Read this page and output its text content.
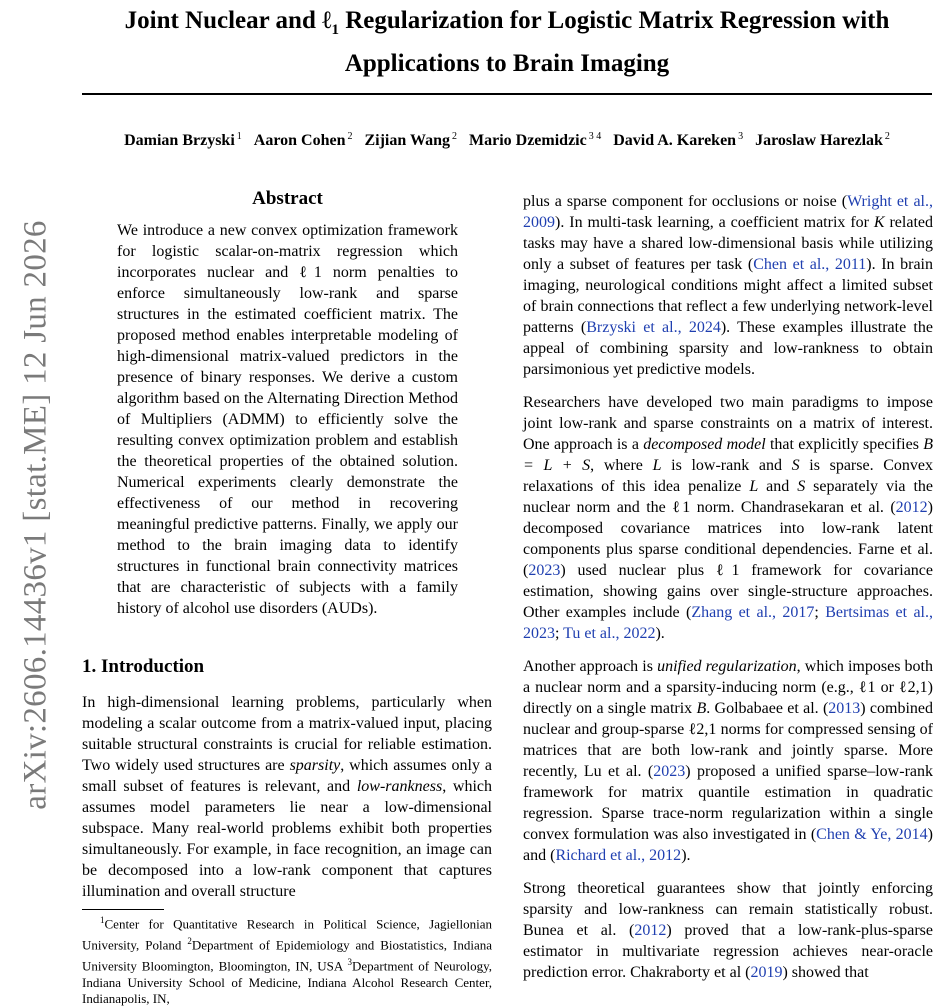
arXiv:2606.14436v1 [stat.ME] 12 Jun 2026
Joint Nuclear and ℓ$_1$ Regularization for Logistic Matrix Regression with
Applications to Brain Imaging
Damian Brzyski $^1$ Aaron Cohen $^2$ Zijian Wang $^2$ Mario Dzemidzic $^{3 4}$ David A. Kareken $^3$ Jaroslaw Harezlak $^2$
Abstract

We introduce a new convex optimization framework for logistic scalar-on-matrix regression which incorporates nuclear and ℓ1 norm penalties to enforce simultaneously low-rank and sparse structures in the estimated coefficient matrix. The proposed method enables interpretable modeling of high-dimensional matrix-valued predictors in the presence of binary responses. We derive a custom algorithm based on the Alternating Direction Method of Multipliers (ADMM) to efficiently solve the resulting convex optimization problem and establish the theoretical properties of the obtained solution. Numerical experiments clearly demonstrate the effectiveness of our method in recovering meaningful predictive patterns. Finally, we apply our method to the brain imaging data to identify structures in functional brain connectivity matrices that are characteristic of subjects with a family history of alcohol use disorders (AUDs).

1. Introduction

In high-dimensional learning problems, particularly when modeling a scalar outcome from a matrix-valued input, placing suitable structural constraints is crucial for reliable estimation. Two widely used structures are sparsity, which assumes only a small subset of features is relevant, and low-rankness, which assumes model parameters lie near a low-dimensional subspace. Many real-world problems exhibit both properties simultaneously. For example, in face recognition, an image can be decomposed into a low-rank component that captures illumination and overall structure

$^1$Center for Quantitative Research in Political Science, Jagiellonian University, Poland $^2$Department of Epidemiology and Biostatistics, Indiana University Bloomington, Bloomington, IN, USA $^3$Department of Neurology, Indiana University School of Medicine, Indiana Alcohol Research Center, Indianapolis, IN,

plus a sparse component for occlusions or noise (Wright et al., 2009). In multi-task learning, a coefficient matrix for K related tasks may have a shared low-dimensional basis while utilizing only a subset of features per task (Chen et al., 2011). In brain imaging, neurological conditions might affect a limited subset of brain connections that reflect a few underlying network-level patterns (Brzyski et al., 2024). These examples illustrate the appeal of combining sparsity and low-rankness to obtain parsimonious yet predictive models.

Researchers have developed two main paradigms to impose joint low-rank and sparse constraints on a matrix of interest. One approach is a decomposed model that explicitly specifies B = L + S, where L is low-rank and S is sparse. Convex relaxations of this idea penalize L and S separately via the nuclear norm and the ℓ1 norm. Chandrasekaran et al. (2012) decomposed covariance matrices into low-rank latent components plus sparse conditional dependencies. Farne et al. (2023) used nuclear plus ℓ1 framework for covariance estimation, showing gains over single-structure approaches. Other examples include (Zhang et al., 2017; Bertsimas et al., 2023; Tu et al., 2022).

Another approach is unified regularization, which imposes both a nuclear norm and a sparsity-inducing norm (e.g., ℓ1 or ℓ2,1) directly on a single matrix B. Golbabaee et al. (2013) combined nuclear and group-sparse ℓ2,1 norms for compressed sensing of matrices that are both low-rank and jointly sparse. More recently, Lu et al. (2023) proposed a unified sparse–low-rank framework for matrix quantile estimation in quadratic regression. Sparse trace-norm regularization within a single convex formulation was also investigated in (Chen & Ye, 2014) and (Richard et al., 2012).

Strong theoretical guarantees show that jointly enforcing sparsity and low-rankness can remain statistically robust. Bunea et al. (2012) proved that a low-rank-plus-sparse estimator in multivariate regression achieves near-oracle prediction error. Chakraborty et al (2019) showed that
